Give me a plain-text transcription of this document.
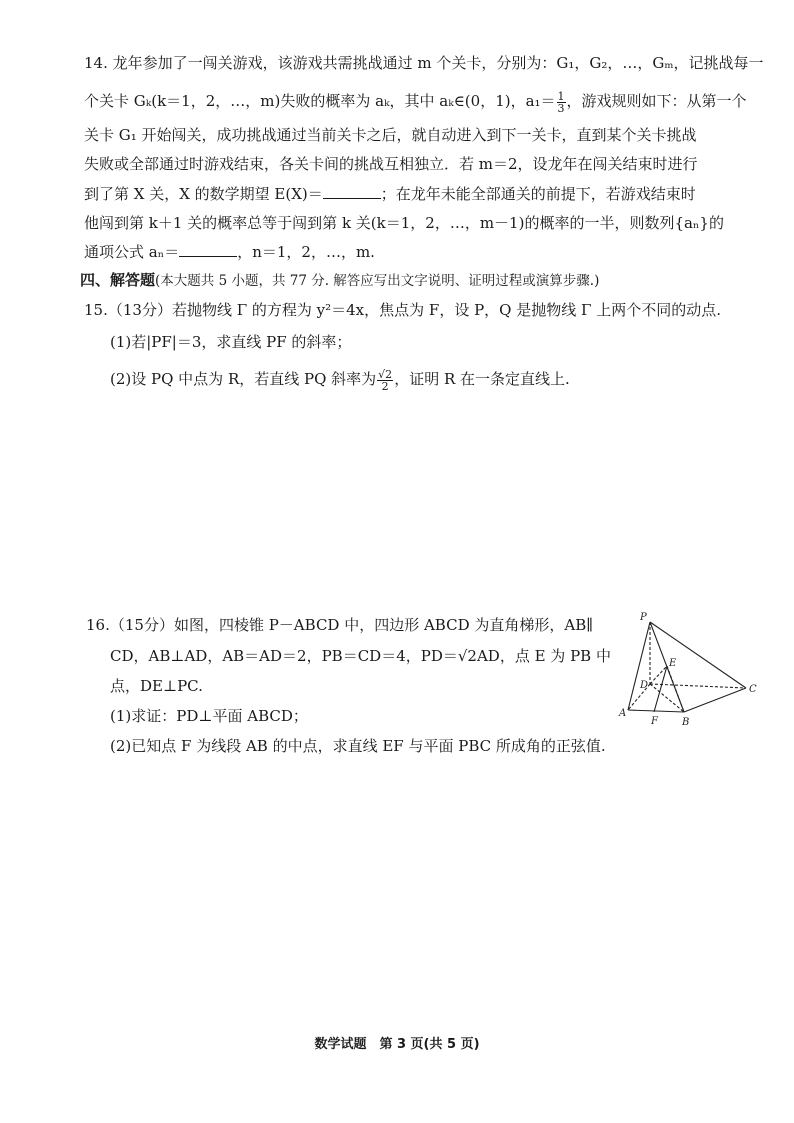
14. 龙年参加了一闯关游戏，该游戏共需挑战通过 m 个关卡，分别为：G₁，G₂，…，Gₘ，记挑战每一
个关卡 Gₖ(k＝1，2，…，m)失败的概率为 aₖ，其中 aₖ∈(0，1)，$a_1= \frac{1}{3}$ ，游戏规则如下：从第一个
关卡 G₁ 开始闯关，成功挑战通过当前关卡之后，就自动进入到下一关卡，直到某个关卡挑战
失败或全部通过时游戏结束，各关卡间的挑战互相独立．若 m＝2，设龙年在闯关结束时进行
到了第 X 关，X 的数学期望 E(X)＝	；在龙年未能全部通关的前提下，若游戏结束时
他闯到第 k＋1 关的概率总等于闯到第 k 关(k＝1，2，…，m－1)的概率的一半，则数列{aₙ}的
通项公式 aₙ＝	，n＝1，2，…，m.
四、解答题(本大题共 5 小题，共 77 分. 解答应写出文字说明、证明过程或演算步骤.)
15.（13分）若抛物线 Γ 的方程为 y²＝4x，焦点为 F，设 P，Q 是抛物线 Γ 上两个不同的动点.
(1)若|PF|＝3，求直线 PF 的斜率；
(2)设 PQ 中点为 R，若直线 PQ 斜率为 $\frac{√2}{2}$ ，证明 R 在一条定直线上.
16.（15分）如图，四棱锥 P－ABCD 中，四边形 ABCD 为直角梯形，AB∥
CD，AB⊥AD，AB＝AD＝2，PB＝CD＝4，PD＝√2AD，点 E 为 PB 中
点，DE⊥PC.
(1)求证：PD⊥平面 ABCD；
(2)已知点 F 为线段 AB 的中点，求直线 EF 与平面 PBC 所成角的正弦值.
P
A
B
C
D
E
F
数学试题　第 3 页(共 5 页)
